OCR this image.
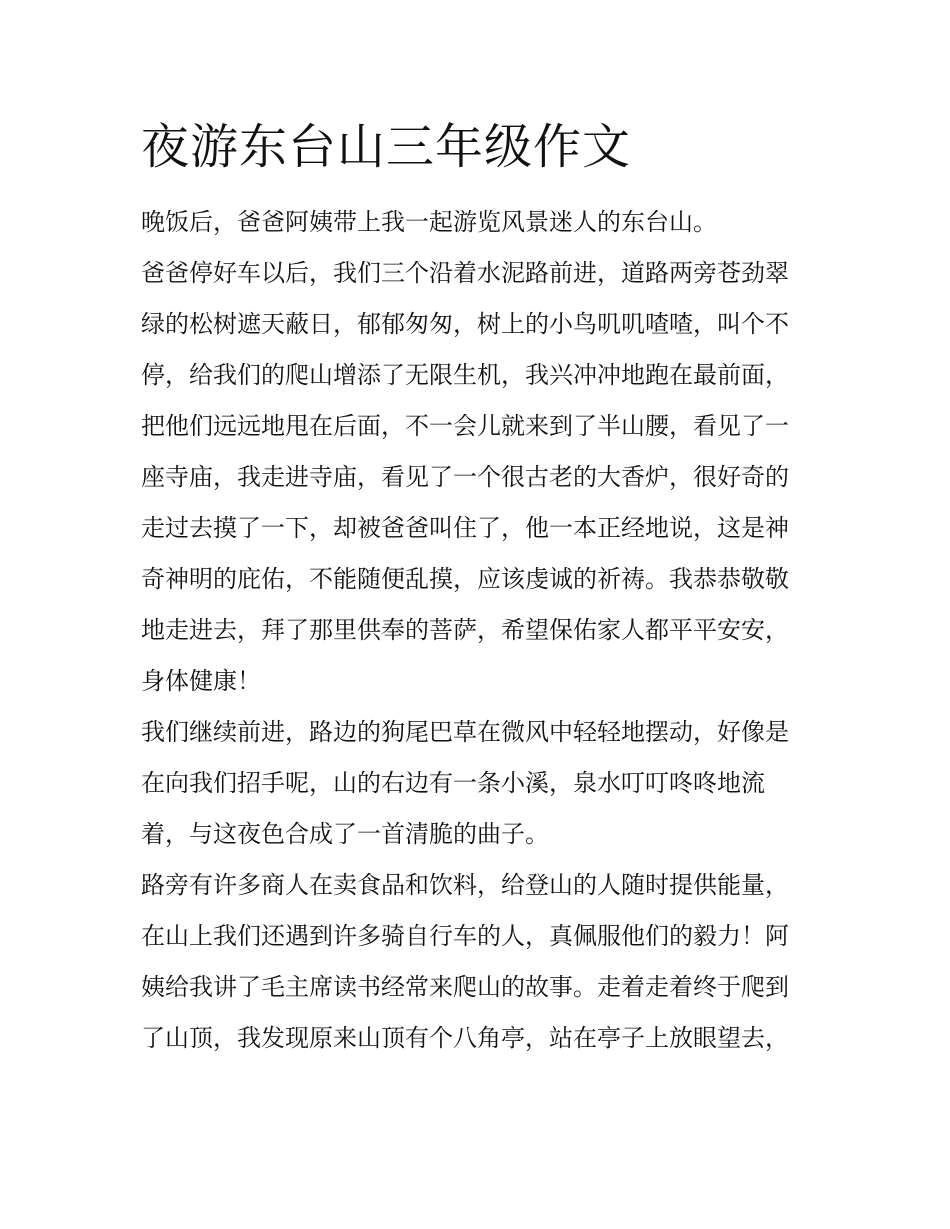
夜游东台山三年级作文

晚饭后，爸爸阿姨带上我一起游览风景迷人的东台山。

爸爸停好车以后，我们三个沿着水泥路前进，道路两旁苍劲翠

绿的松树遮天蔽日，郁郁匆匆，树上的小鸟叽叽喳喳，叫个不

停，给我们的爬山增添了无限生机，我兴冲冲地跑在最前面，

把他们远远地甩在后面，不一会儿就来到了半山腰，看见了一

座寺庙，我走进寺庙，看见了一个很古老的大香炉，很好奇的

走过去摸了一下，却被爸爸叫住了，他一本正经地说，这是神

奇神明的庇佑，不能随便乱摸，应该虔诚的祈祷。我恭恭敬敬

地走进去，拜了那里供奉的菩萨，希望保佑家人都平平安安，

身体健康！

我们继续前进，路边的狗尾巴草在微风中轻轻地摆动，好像是

在向我们招手呢，山的右边有一条小溪，泉水叮叮咚咚地流

着，与这夜色合成了一首清脆的曲子。

路旁有许多商人在卖食品和饮料，给登山的人随时提供能量，

在山上我们还遇到许多骑自行车的人，真佩服他们的毅力！阿

姨给我讲了毛主席读书经常来爬山的故事。走着走着终于爬到

了山顶，我发现原来山顶有个八角亭，站在亭子上放眼望去，
